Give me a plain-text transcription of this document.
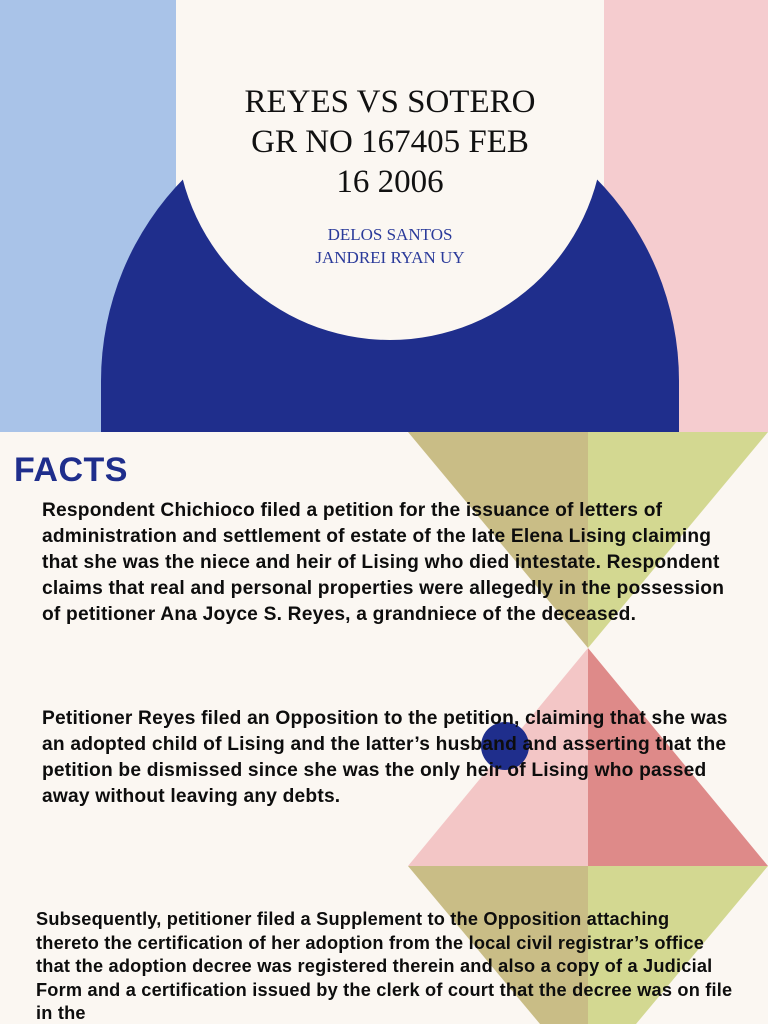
REYES VS SOTERO
GR NO 167405 FEB
16 2006
DELOS SANTOS
JANDREI RYAN UY
FACTS

Respondent Chichioco filed a petition for the issuance of letters of administration and settlement of estate of the late Elena Lising claiming that she was the niece and heir of Lising who died intestate. Respondent claims that real and personal properties were allegedly in the possession of petitioner Ana Joyce S. Reyes, a grandniece of the deceased.

Petitioner Reyes filed an Opposition to the petition, claiming that she was an adopted child of Lising and the latter’s husband and asserting that the petition be dismissed since she was the only heir of Lising who passed away without leaving any debts.

Subsequently, petitioner filed a Supplement to the Opposition attaching thereto the certification of her adoption from the local civil registrar’s office that the adoption decree was registered therein and also a copy of a Judicial Form and a certification issued by the clerk of court that the decree was on file in the
